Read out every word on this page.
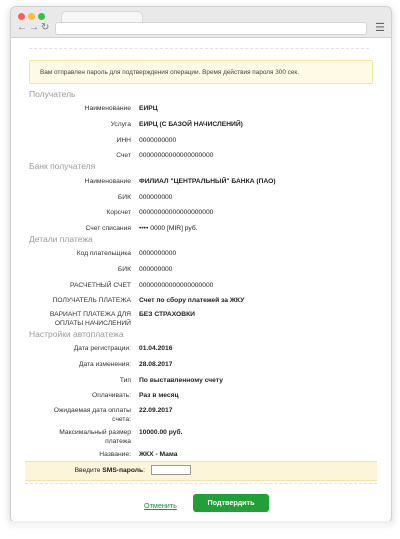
← → ↻	☰
Вам отправлен пароль для подтверждения операции. Время действия пароля 300 сек.
Получатель
Наименование ЕИРЦ
Услуга ЕИРЦ (С БАЗОЙ НАЧИСЛЕНИЙ)
ИНН 0000000000
Счет 00000000000000000000
Банк получателя
Наименование ФИЛИАЛ "ЦЕНТРАЛЬНЫЙ" БАНКА (ПАО)
БИК 000000000
Корсчет 00000000000000000000
Счет списания •••• 0000 [MIR] руб.
Детали платежа
Код плательщика 0000000000
БИК 000000000
РАСЧЕТНЫЙ СЧЕТ 00000000000000000000
ПОЛУЧАТЕЛЬ ПЛАТЕЖА Счет по сбору платежей за ЖКУ
ВАРИАНТ ПЛАТЕЖА ДЛЯ
ОПЛАТЫ НАЧИСЛЕНИЙ
БЕЗ СТРАХОВКИ
Настройки автоплатежа
Дата регистрации: 01.04.2016
Дата изменения: 28.08.2017
Тип По выставленному счету
Оплачивать: Раз в месяц
Ожидаемая дата оплаты
счета:
22.09.2017
Максимальный размер
платежа
10000.00 руб.
Название: ЖКХ - Мама
Введите SMS-пароль:
Отменить	Подтвердить
